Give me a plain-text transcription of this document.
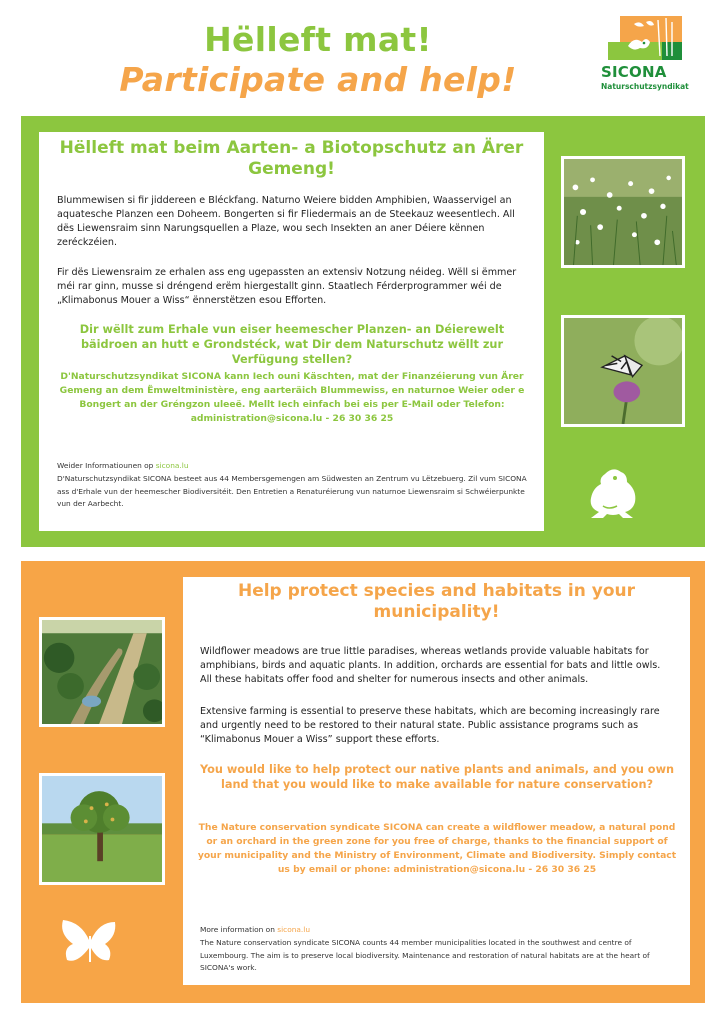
Hëlleft mat!
Participate and help!	SICONA
Naturschutzsyndikat
Hëlleft mat beim Aarten- a Biotopschutz an Ärer Gemeng!
Blummewisen si fir jiddereen e Bléckfang. Naturno Weiere bidden Amphibien, Waasservigel an aquatesche Planzen een Doheem. Bongerten si fir Fliedermais an de Steekauz weesentlech. All dës Liewensraim sinn Narungsquellen a Plaze, wou sech Insekten an aner Déiere kënnen zeréckzéien.
Fir dës Liewensraim ze erhalen ass eng ugepassten an extensiv Notzung néideg. Wëll si ëmmer méi rar ginn, musse si dréngend erëm hiergestallt ginn. Staatlech Férderprogrammer wéi de „Klimabonus Mouer a Wiss“ ënnerstëtzen esou Efforten.
Dir wëllt zum Erhale vun eiser heemescher Planzen- an Déierewelt bäidroen an hutt e Grondstéck, wat Dir dem Naturschutz wëllt zur Verfügung stellen?
D'Naturschutzsyndikat SICONA kann Iech ouni Käschten, mat der Finanzéierung vun Ärer Gemeng an dem Ëmweltministère, eng aarteräich Blummewiss, en naturnoe Weier oder e Bongert an der Gréngzon uleeë. Mellt Iech einfach bei eis per E-Mail oder Telefon: administration@sicona.lu - 26 30 36 25
Weider Informatiounen op sicona.lu
D'Naturschutzsyndikat SICONA besteet aus 44 Membersgemengen am Südwesten an Zentrum vu Lëtzebuerg. Zil vum SICONA ass d'Erhale vun der heemescher Biodiversitéit. Den Entretien a Renaturéierung vun naturnoe Liewensraim si Schwéierpunkte vun der Aarbecht.
Help protect species and habitats in your municipality!
Wildflower meadows are true little paradises, whereas wetlands provide valuable habitats for amphibians, birds and aquatic plants. In addition, orchards are essential for bats and little owls. All these habitats offer food and shelter for numerous insects and other animals.
Extensive farming is essential to preserve these habitats, which are becoming increasingly rare and urgently need to be restored to their natural state. Public assistance programs such as “Klimabonus Mouer a Wiss” support these efforts.
You would like to help protect our native plants and animals, and you own land that you would like to make available for nature conservation?
The Nature conservation syndicate SICONA can create a wildflower meadow, a natural pond or an orchard in the green zone for you free of charge, thanks to the financial support of your municipality and the Ministry of Environment, Climate and Biodiversity. Simply contact us by email or phone: administration@sicona.lu - 26 30 36 25
More information on sicona.lu
The Nature conservation syndicate SICONA counts 44 member municipalities located in the southwest and centre of Luxembourg. The aim is to preserve local biodiversity. Maintenance and restoration of natural habitats are at the heart of SICONA's work.
